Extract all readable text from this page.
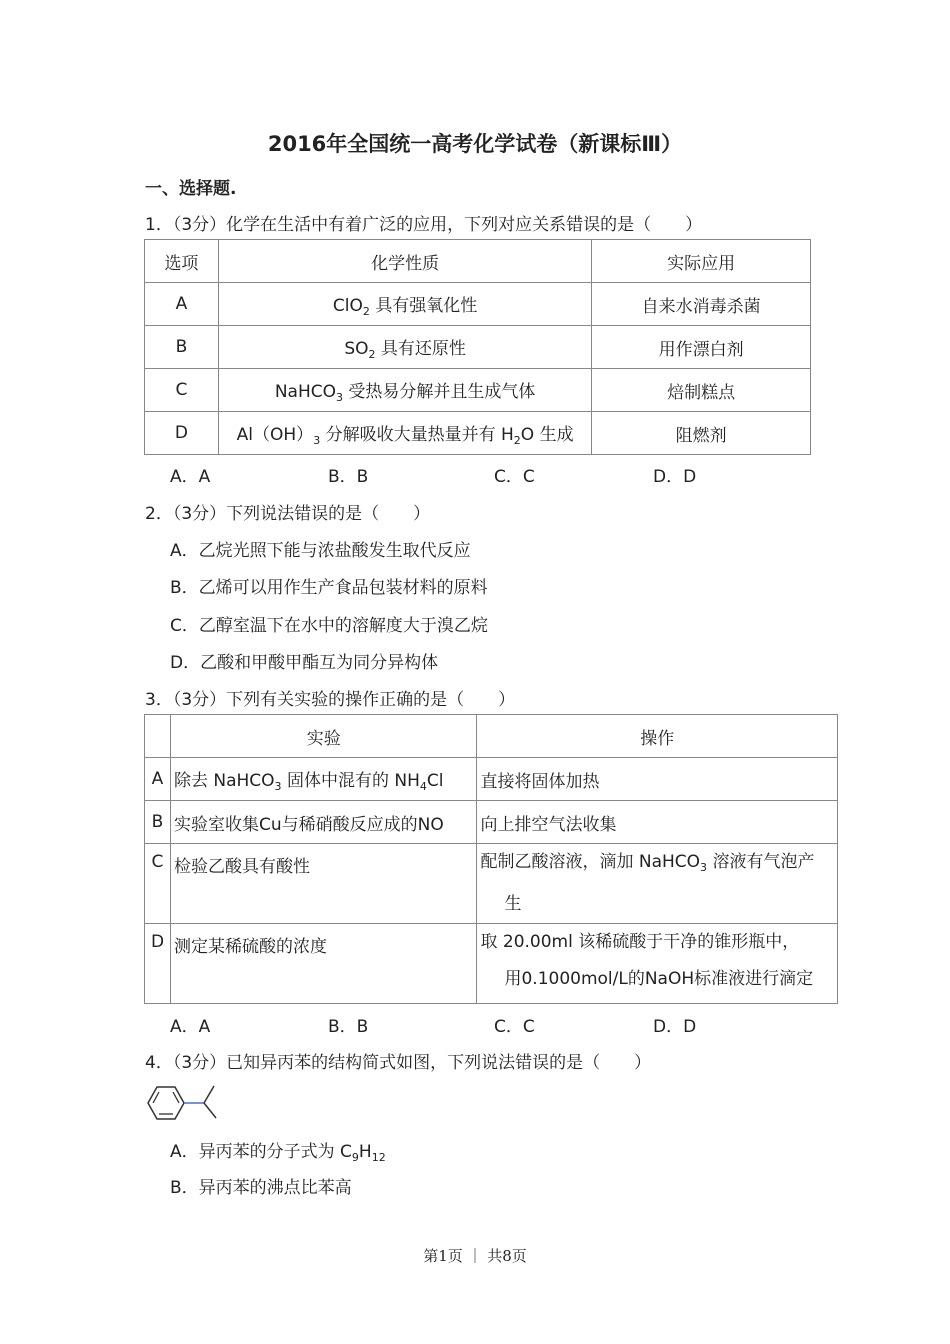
2016年全国统一高考化学试卷（新课标Ⅲ）
一、选择题.
1．（3分）化学在生活中有着广泛的应用，下列对应关系错误的是（　　）
选项	化学性质	实际应用
A	ClO$_2$ 具有强氧化性	自来水消毒杀菌
B	$SO_2$ 具有还原性	用作漂白剂
C	NaHCO$_3$ 受热易分解并且生成气体	焙制糕点
D	$Al(OH)_3$ 分解吸收大量热量并有 $H_2O$ 生成	阻燃剂
A．A	B．B	C．C	D．D
2．（3分）下列说法错误的是（　　）
A．乙烷光照下能与浓盐酸发生取代反应
B．乙烯可以用作生产食品包装材料的原料
C．乙醇室温下在水中的溶解度大于溴乙烷
D．乙酸和甲酸甲酯互为同分异构体
3．（3分）下列有关实验的操作正确的是（　　）
	实验	操作
A	除去 NaHCO$_3$ 固体中混有的 $NH_4Cl$	直接将固体加热
B	实验室收集Cu与稀硝酸反应成的NO	向上排空气法收集
C	检验乙酸具有酸性	配制乙酸溶液，滴加 NaHCO$_3$ 溶液有气泡产
生

D	测定某稀硫酸的浓度	取 20.00ml 该稀硫酸于干净的锥形瓶中，
用0.1000mol/L的NaOH标准液进行滴定
A．A	B．B	C．C	D．D
4．（3分）已知异丙苯的结构简式如图，下列说法错误的是（　　）
A．异丙苯的分子式为 $C_9H_{12}$
B．异丙苯的沸点比苯高
第1页 ｜ 共8页
